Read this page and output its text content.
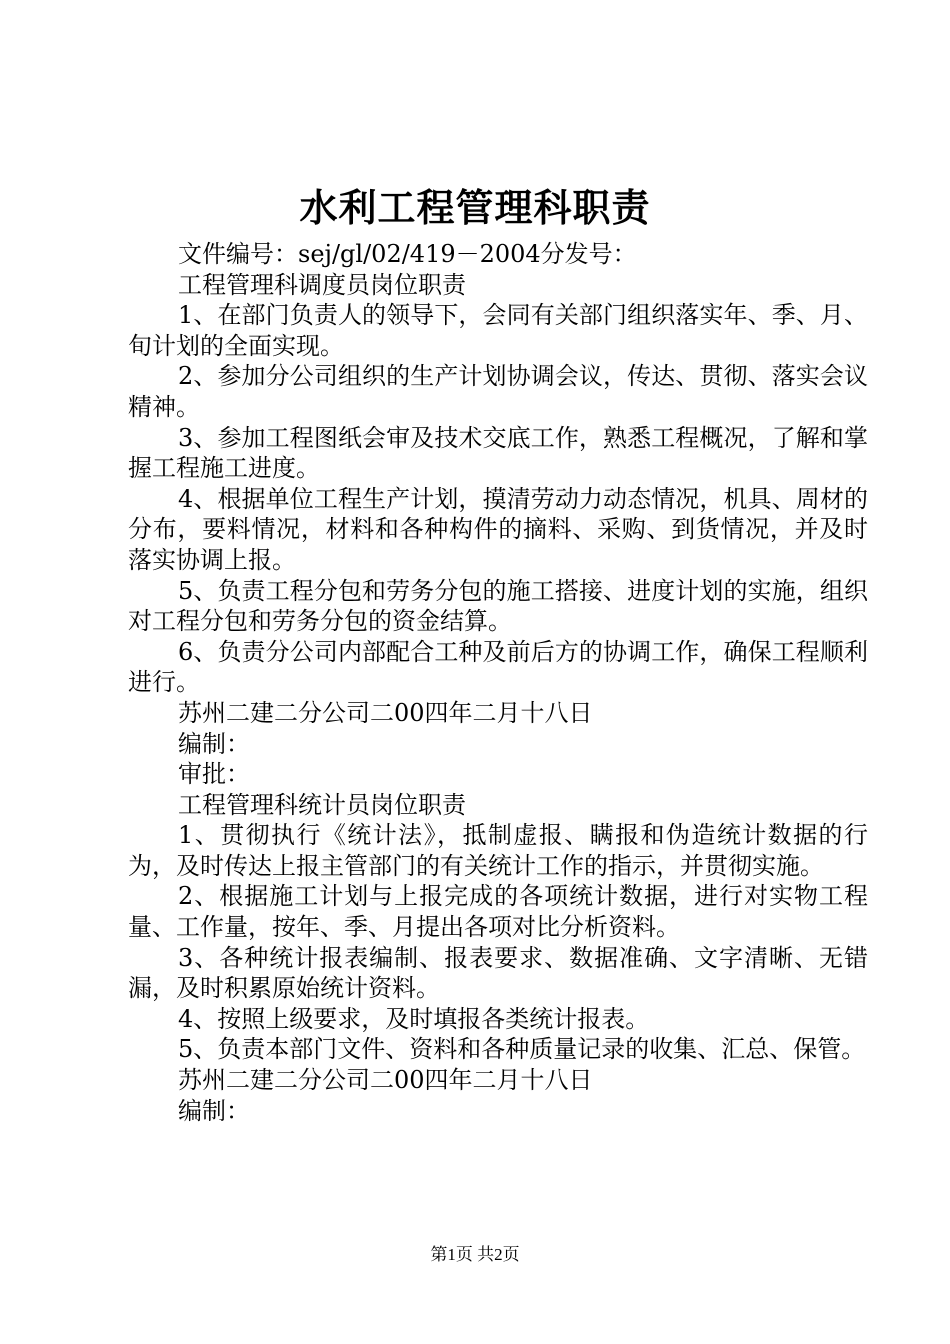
水利工程管理科职责

文件编号：sej/gl/02/419－2004分发号：

工程管理科调度员岗位职责

1、在部门负责人的领导下，会同有关部门组织落实年、季、月、旬计划的全面实现。

2、参加分公司组织的生产计划协调会议，传达、贯彻、落实会议精神。

3、参加工程图纸会审及技术交底工作，熟悉工程概况，了解和掌握工程施工进度。

4、根据单位工程生产计划，摸清劳动力动态情况，机具、周材的分布，要料情况，材料和各种构件的摘料、采购、到货情况，并及时落实协调上报。

5、负责工程分包和劳务分包的施工搭接、进度计划的实施，组织对工程分包和劳务分包的资金结算。

6、负责分公司内部配合工种及前后方的协调工作，确保工程顺利进行。

苏州二建二分公司二00四年二月十八日

编制：

审批：

工程管理科统计员岗位职责

1、贯彻执行《统计法》，抵制虚报、瞒报和伪造统计数据的行为，及时传达上报主管部门的有关统计工作的指示，并贯彻实施。

2、根据施工计划与上报完成的各项统计数据，进行对实物工程量、工作量，按年、季、月提出各项对比分析资料。

3、各种统计报表编制、报表要求、数据准确、文字清晰、无错漏，及时积累原始统计资料。

4、按照上级要求，及时填报各类统计报表。

5、负责本部门文件、资料和各种质量记录的收集、汇总、保管。

苏州二建二分公司二00四年二月十八日

编制：

第1页 共2页
